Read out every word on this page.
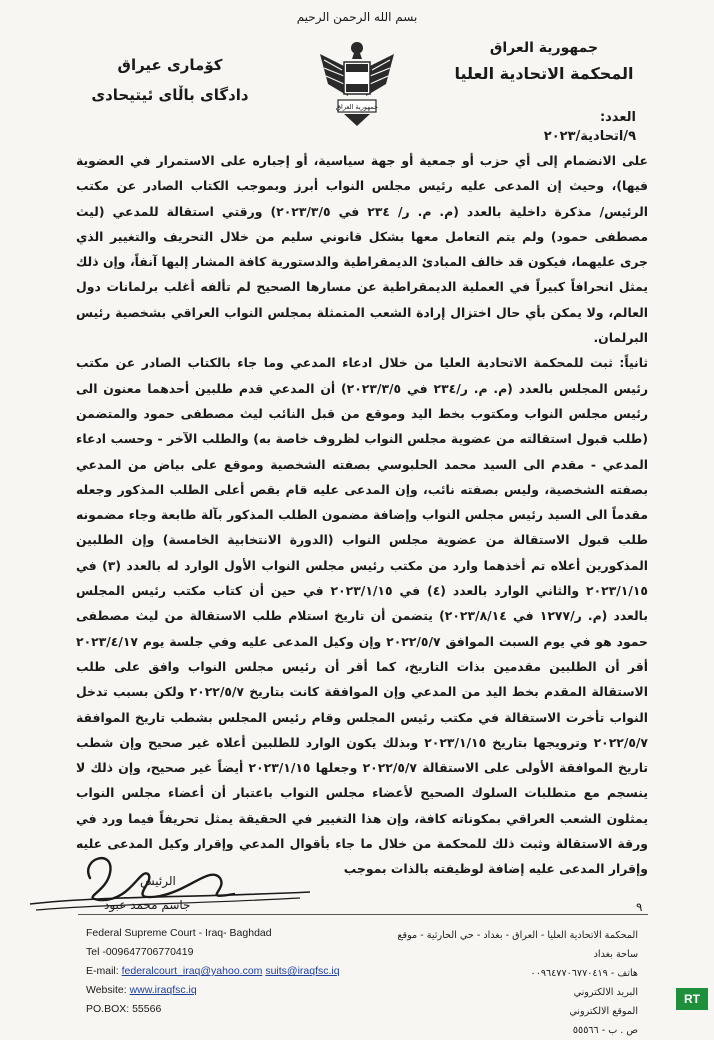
بسم الله الرحمن الرحيم
جمهورية العراق
المحكمة الاتحادية العليا
كۆماری عیراق
دادگای باڵای ئیتیحادی
جمهورية العراق
العدد:
٩/اتحادية/٢٠٢٣

على الانضمام إلى أي حزب أو جمعية أو جهة سياسية، أو إجباره على الاستمرار في العضوية فيها)، وحيث إن المدعى عليه رئيس مجلس النواب أبرز وبموجب الكتاب الصادر عن مكتب الرئيس/ مذكرة داخلية بالعدد (م. م. ر/ ٢٣٤ في ٢٠٢٣/٣/٥) ورقتي استقالة للمدعي (ليث مصطفى حمود) ولم يتم التعامل معها بشكل قانوني سليم من خلال التحريف والتغيير الذي جرى عليهما، فيكون قد خالف المبادئ الديمقراطية والدستورية كافة المشار إليها آنفاً، وإن ذلك يمثل انحرافاً كبيراً في العملية الديمقراطية عن مسارها الصحيح لم تألفه أغلب برلمانات دول العالم، ولا يمكن بأي حال اختزال إرادة الشعب المتمثلة بمجلس النواب العراقي بشخصية رئيس البرلمان.

ثانياً: ثبت للمحكمة الاتحادية العليا من خلال ادعاء المدعي وما جاء بالكتاب الصادر عن مكتب رئيس المجلس بالعدد (م. م. ر/٢٣٤ في ٢٠٢٣/٣/٥) أن المدعي قدم طلبين أحدهما معنون الى رئيس مجلس النواب ومكتوب بخط اليد وموقع من قبل النائب ليث مصطفى حمود والمتضمن (طلب قبول استقالته من عضوية مجلس النواب لظروف خاصة به) والطلب الآخر - وحسب ادعاء المدعي - مقدم الى السيد محمد الحلبوسي بصفته الشخصية وموقع على بياض من المدعي بصفته الشخصية، وليس بصفته نائب، وإن المدعى عليه قام بقص أعلى الطلب المذكور وجعله مقدماً الى السيد رئيس مجلس النواب وإضافة مضمون الطلب المذكور بآلة طابعة وجاء مضمونه طلب قبول الاستقالة من عضوية مجلس النواب (الدورة الانتخابية الخامسة) وإن الطلبين المذكورين أعلاه تم أخذهما وارد من مكتب رئيس مجلس النواب الأول الوارد له بالعدد (٣) في ٢٠٢٣/١/١٥ والثاني الوارد بالعدد (٤) في ٢٠٢٣/١/١٥ في حين أن كتاب مكتب رئيس المجلس بالعدد (م. ر/١٢٧٧ في ٢٠٢٣/٨/١٤) يتضمن أن تاريخ استلام طلب الاستقالة من ليث مصطفى حمود هو في يوم السبت الموافق ٢٠٢٢/٥/٧ وإن وكيل المدعى عليه وفي جلسة يوم ٢٠٢٣/٤/١٧ أقر أن الطلبين مقدمين بذات التاريخ، كما أقر أن رئيس مجلس النواب وافق على طلب الاستقالة المقدم بخط اليد من المدعي وإن الموافقة كانت بتاريخ ٢٠٢٢/٥/٧ ولكن بسبب تدخل النواب تأخرت الاستقالة في مكتب رئيس المجلس وقام رئيس المجلس بشطب تاريخ الموافقة ٢٠٢٢/٥/٧ وترويجها بتاريخ ٢٠٢٣/١/١٥ وبذلك يكون الوارد للطلبين أعلاه غير صحيح وإن شطب تاريخ الموافقة الأولى على الاستقالة ٢٠٢٢/٥/٧ وجعلها ٢٠٢٣/١/١٥ أيضاً غير صحيح، وإن ذلك لا ينسجم مع متطلبات السلوك الصحيح لأعضاء مجلس النواب باعتبار أن أعضاء مجلس النواب يمثلون الشعب العراقي بمكوناته كافة، وإن هذا التغيير في الحقيقة يمثل تحريفاً فيما ورد في ورقة الاستقالة وثبت ذلك للمحكمة من خلال ما جاء بأقوال المدعي وإقرار وكيل المدعى عليه وإقرار المدعى عليه إضافة لوظيفته بالذات بموجب

الرئيس
جاسم محمد عبود	٩
Federal Supreme Court - Iraq- Baghdad
Tel -009647706770419
E-mail: federalcourt_iraq@yahoo.com suits@iraqfsc.iq
Website: www.iraqfsc.iq
PO.BOX: 55566
المحكمة الاتحادية العليا - العراق - بغداد - حي الحارثية - موقع ساحة بغداد
هاتف - ٠٠٩٦٤٧٧٠٦٧٧٠٤١٩
البريد الالكتروني
الموقع الالكتروني
ص . ب - ٥٥٥٦٦
RT
